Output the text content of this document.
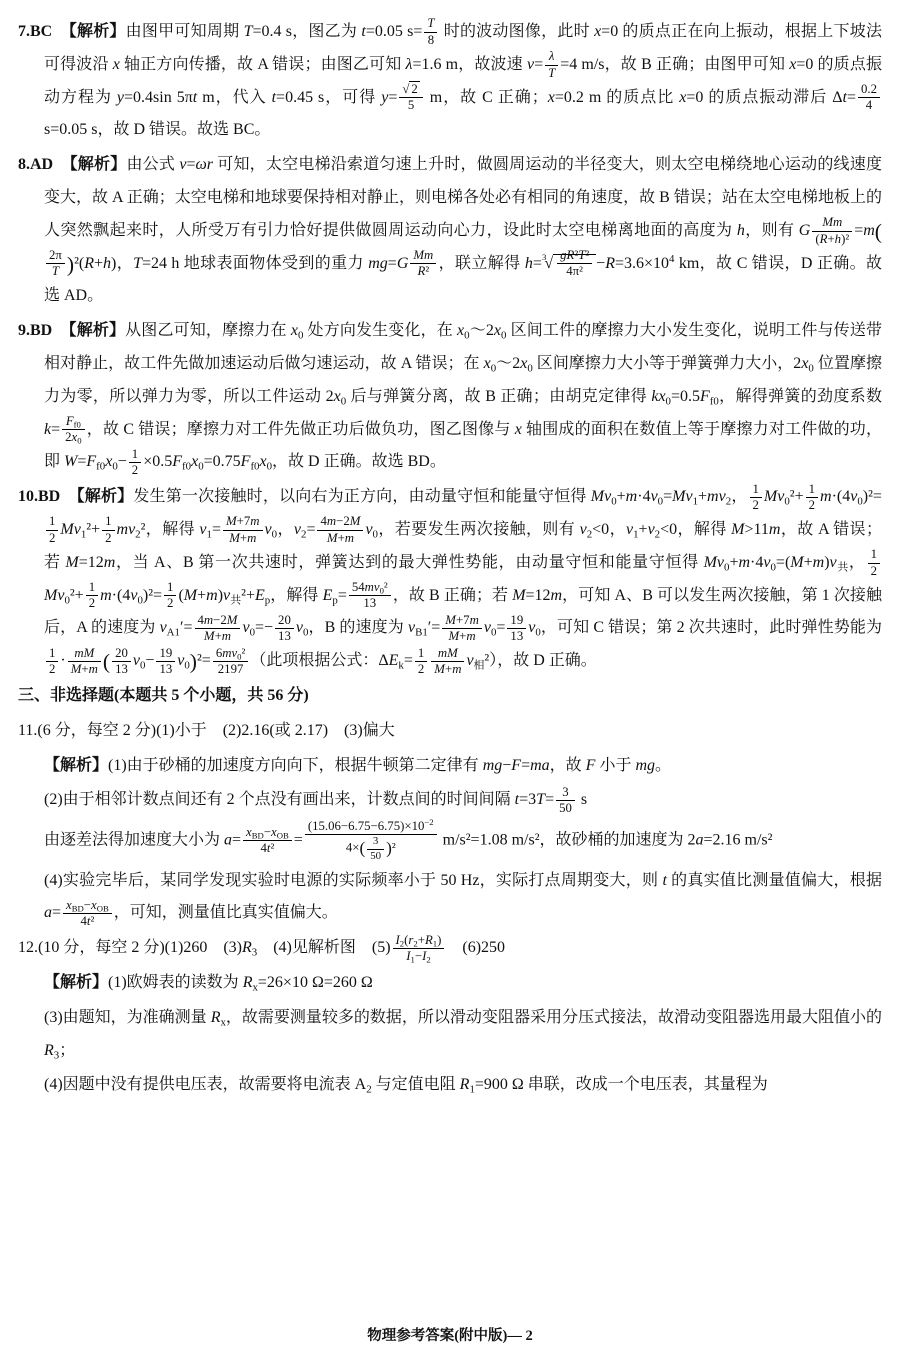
7.BC　 【解析】由图甲可知周期 T=0.4 s，图乙为 t=0.05 $s= \frac{T}{8}$ 时的波动图像，此时 x=0 的质点正在向上振动，根据上下坡法可得波沿 x 轴正方向传播，故 A 错误；由图乙可知 λ=1.6 m，故波速 $v= \frac{\lambda}{T} =4$ m/s，故 B 正确；由图甲可知 x=0 的质点振动方程为 y=0.4sin 5πt m，代入 t=0.45 s，可得 y= √ $\frac{2}{5}$ m，故 C 正确；x=0.2 m 的质点比 x=0 的质点振动滞后 $\Delta t= \frac{0.2}{4}$
s=0.05 s，故 D 错误。故选 BC。

8.AD　 【解析】由公式 v=ωr 可知，太空电梯沿索道匀速上升时，做圆周运动的半径变大，则太空电梯绕地心运动的线速度变大，故 A 正确；太空电梯和地球要保持相对静止，则电梯各处必有相同的角速度，故 B 错误；站在太空电梯地板上的人突然飘起来时，人所受万有引力恰好提供做圆周运动向心力，设此时太空电梯离地面的高度为 h，则有 G $\frac{Mm}{\text{(R+h)²}} =m$(
$\frac{2\pi}{T} )^2(R+h)$，T=24 h 地球表面物体受到的重力 $mg=G \frac{Mm}{\text{R²}}$ ，联立解得 h=$^3$ √ $\frac{\text{gR²T²}}{\text{4π²}} -R=3.6\times 10^4$ km，故 C 错误，D 正确。故选 AD。

9.BD　 【解析】从图乙可知，摩擦力在 $x_0$ 处方向发生变化，在 $x_0\sim 2x_0$ 区间工件的摩擦力大小发生变化，说明工件与传送带相对静止，故工件先做加速运动后做匀速运动，故 A 错误；在 $x_0\sim 2x_0$ 区间摩擦力大小等于弹簧弹力大小，$2x_0$ 位置摩擦力为零，所以弹力为零，所以工件运动 $2x_0$ 后与弹簧分离，故 B 正确；由胡克定律得 $kx_0=0.5F_{f0}$，解得弹簧的劲度系数 $k= \frac{F_{f0}}{2x_0}$ ，故 C 错误；摩擦力对工件先做正功后做负功，图乙图像与 x 轴围成的面积在数值上等于摩擦力对工件做的功，即 $W=F_{f0}x_0- \frac{1}{2} \times 0.5F_{f0}x_0=0.75F_{f0}x_0$，故 D 正确。故选 BD。

10.BD　 【解析】发生第一次接触时，以向右为正方向，由动量守恒和能量守恒得 $Mv_0+m\cdot 4v_0=Mv_1+mv_2$， $\frac{1}{2} Mv_0^2+ \frac{1}{2} m\cdot(4v_0)^2=$
$\frac{1}{2} Mv_1^2+ \frac{1}{2} mv_2^2$，解得 $v_1= \frac{M+7m}{M+m} v_0$，$v_2= \frac{4m-2M}{M+m} v_0$，若要发生两次接触，则有 $v_2<0$，$v_1+v_2<0$，解得 M>11m，故 A 错误；若 M=12m，当 A、B 第一次共速时，弹簧达到的最大弹性势能，由动量守恒和能量守恒得 $Mv_0+m\cdot 4v_0=(M+m)v_共$， $\frac{1}{2}$
$Mv_0^2+ \frac{1}{2} m\cdot(4v_0)^2= \frac{1}{2} (M+m)v_共^2+E_p$，解得 $E_p= \frac{54mv_0^2}{13}$ ，故 B 正确；若 M=12m，可知 A、B 可以发生两次接触，第 1 次接触后，A 的速度为 $v_{A1}'= \frac{4m-2M}{M+m} v_0=- \frac{20}{13} v_0$，B 的速度为 $v_{B1}'= \frac{M+7m}{M+m} v_0= \frac{19}{13} v_0$，可知 C 错误；第 2 次共速时，此时弹性势能为
$\frac{1}{2} \cdot \frac{mM}{M+m}$ ( $\frac{20}{13} v_0- \frac{19}{13} v_0)^2= \frac{6mv_0^2}{2197}$ （此项根据公式：$\Delta E_k= \frac{1}{2} \frac{mM}{M+m} v_相^2$），故 D 正确。

三、非选择题(本题共 5 个小题，共 56 分)

11.(6 分，每空 2 分)(1)小于　(2)2.16(或 2.17)　(3)偏大

【解析】(1)由于砂桶的加速度方向向下，根据牛顿第二定律有 mg−F=ma，故 F 小于 mg。

(2)由于相邻计数点间还有 2 个点没有画出来，计数点间的时间间隔 $t=3T= \frac{3}{50}$ s

由逐差法得加速度大小为 $a= x_{BD}-x_{OB}$
4t²	= $\frac{(15.06-6.75-6.75)\times 10^{-2}}{4\times( \frac{3}{50} )^2} m/s^2=1.08$ m/s²，故砂桶的加速度为 2a=2.16 m/s²

(4)实验完毕后，某同学发现实验时电源的实际频率小于 50 Hz，实际打点周期变大，则 t 的真实值比测量值偏大，根据 $a= x_{BD}-x_{OB}$
4t²	，可知，测量值比真实值偏大。

12.(10 分，每空 2 分)(1)260　$(3)R_3$　(4)见解析图　$(5) \frac{I_2(r_2+R_1)}{I_1-I_2}$ 　(6)250

【解析】(1)欧姆表的读数为 $R_x=26\times 10$ Ω=260 Ω

(3)由题知，为准确测量 $R_x$，故需要测量较多的数据，所以滑动变阻器采用分压式接法，故滑动变阻器选用最大阻值小的 $R_3$；

(4)因题中没有提供电压表，故需要将电流表 $A_2$ 与定值电阻 $R_1=900$ Ω 串联，改成一个电压表，其量程为

物理参考答案(附中版)— 2
